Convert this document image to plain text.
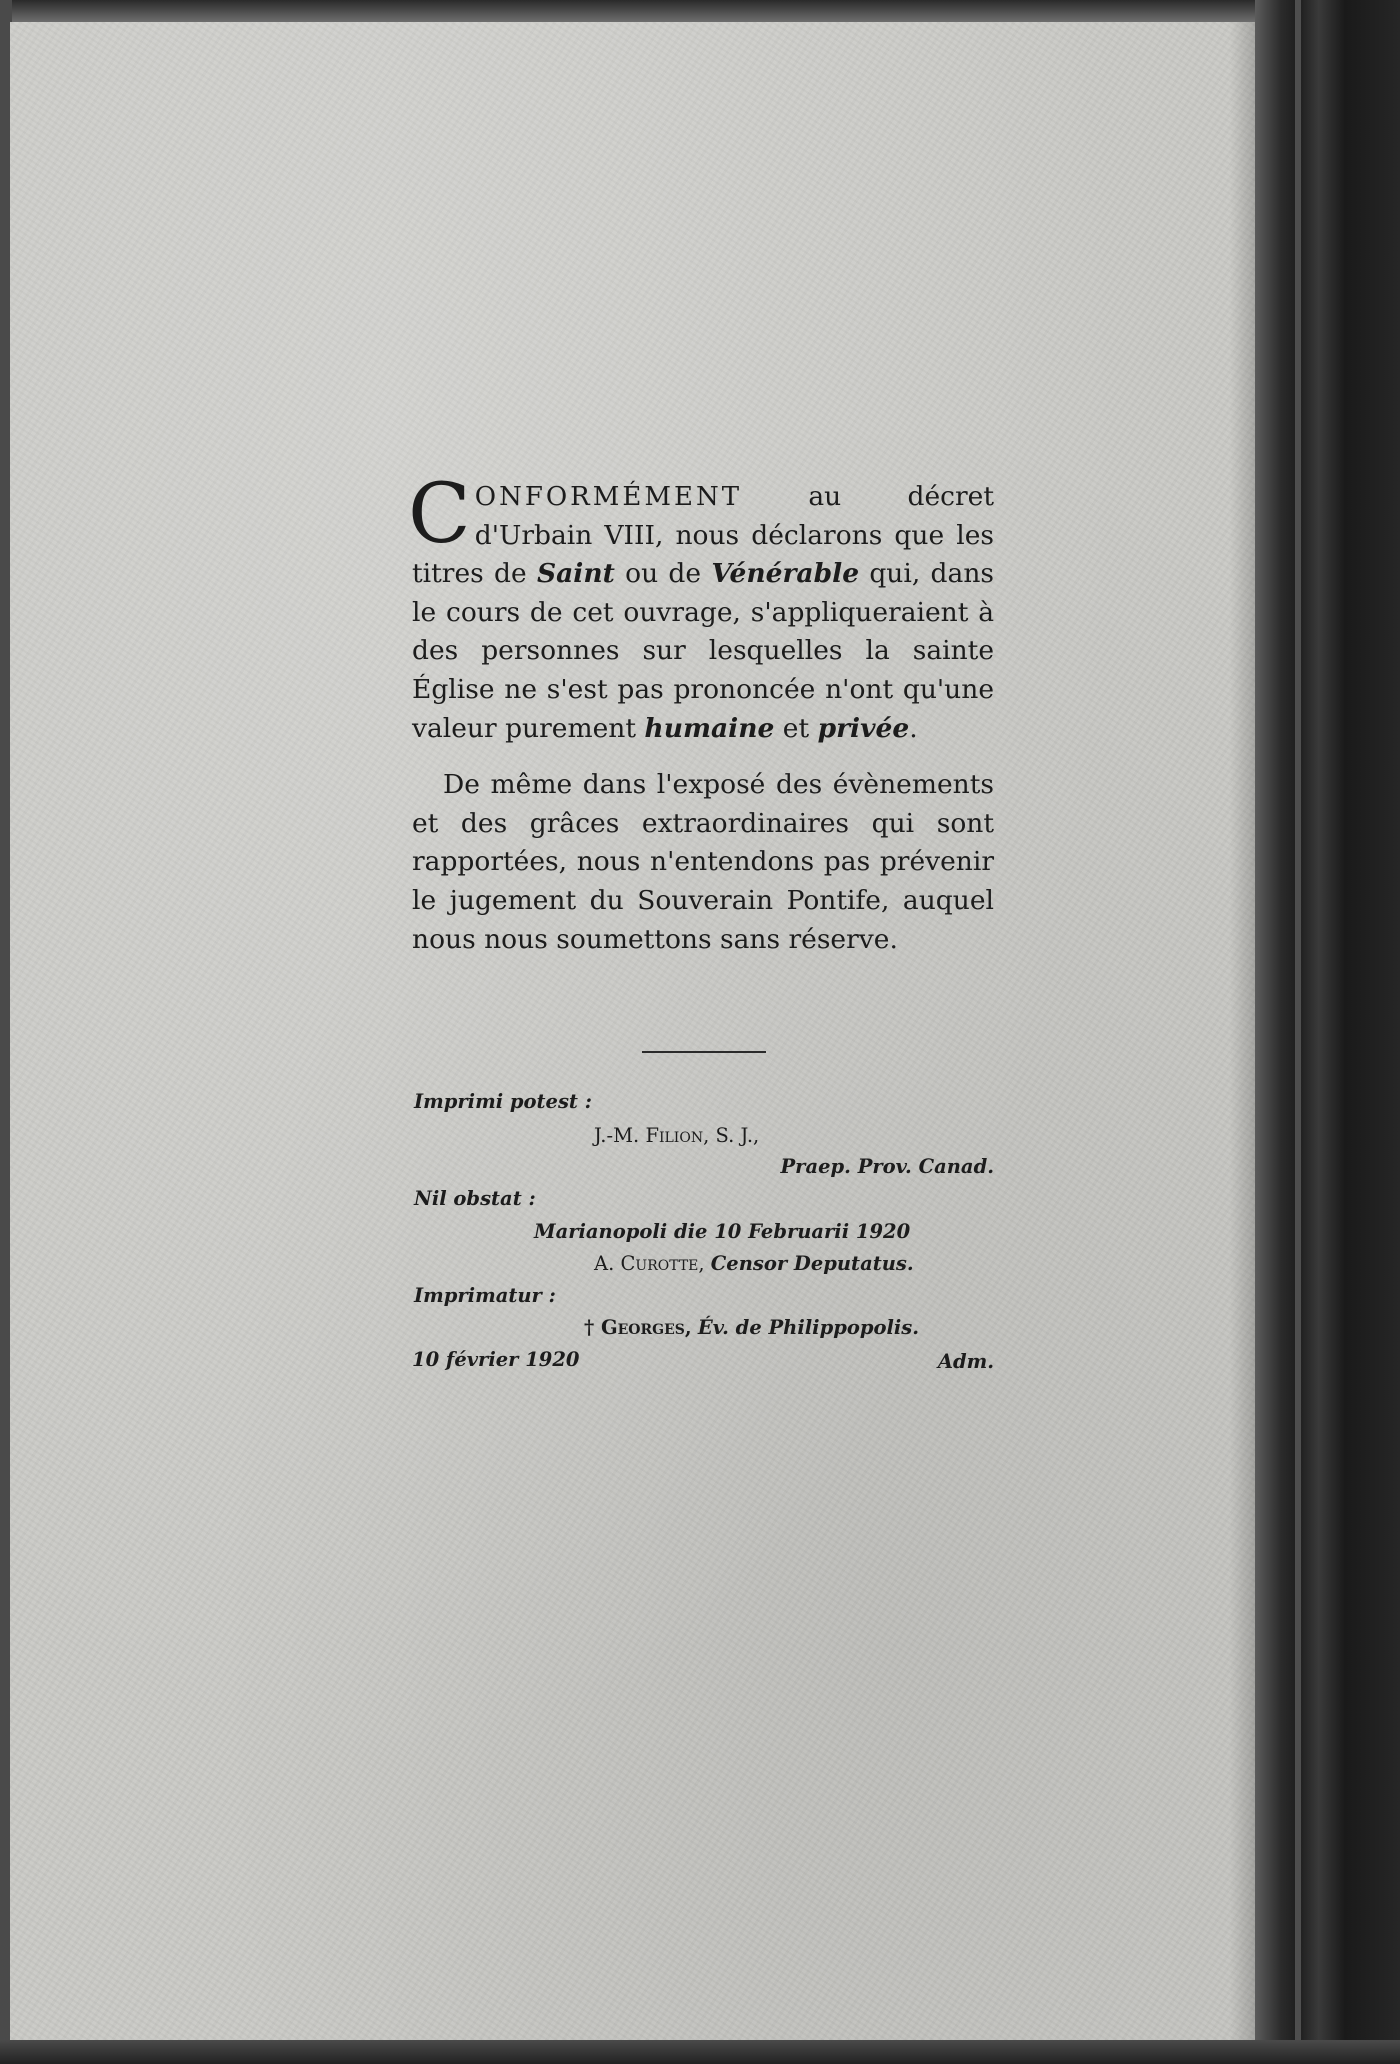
CONFORMÉMENT au décret d'Urbain VIII, nous déclarons que les titres de Saint ou de Vénérable qui, dans le cours de cet ouvrage, s'appliqueraient à des personnes sur lesquelles la sainte Église ne s'est pas prononcée n'ont qu'une valeur purement humaine et privée.

De même dans l'exposé des évènements et des grâces extraordinaires qui sont rapportées, nous n'entendons pas prévenir le jugement du Souverain Pontife, auquel nous nous soumettons sans réserve.

Imprimi potest :
J.-M. Filion, S. J.,
Praep. Prov. Canad.
Nil obstat :
Marianopoli die 10 Februarii 1920
A. Curotte, Censor Deputatus.
Imprimatur :
† Georges, Év. de Philippopolis.
10 février 1920	Adm.
